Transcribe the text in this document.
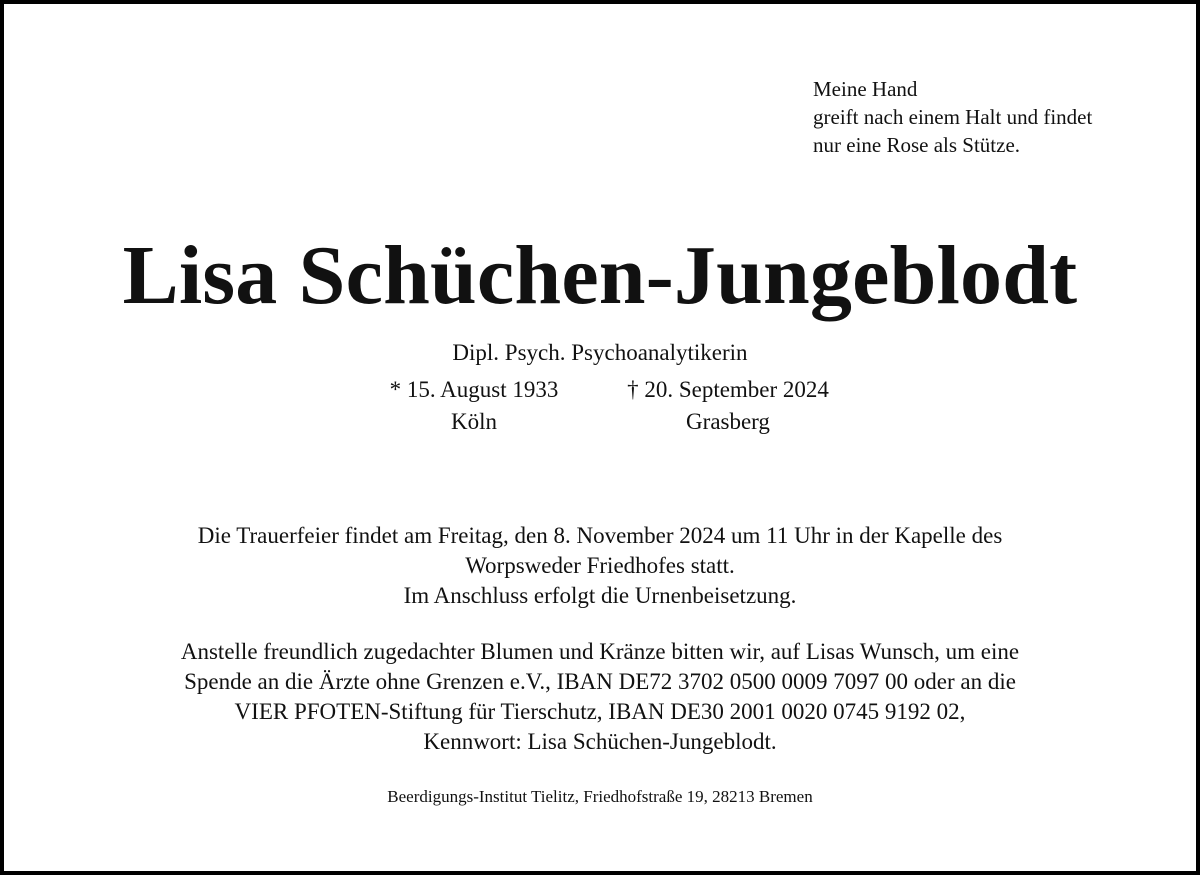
Meine Hand
greift nach einem Halt und findet
nur eine Rose als Stütze.
Lisa Schüchen-Jungeblodt
Dipl. Psych. Psychoanalytikerin
* 15. August 1933
Köln
† 20. September 2024
Grasberg
Die Trauerfeier findet am Freitag, den 8. November 2024 um 11 Uhr in der Kapelle des
Worpsweder Friedhofes statt.
Im Anschluss erfolgt die Urnenbeisetzung.
Anstelle freundlich zugedachter Blumen und Kränze bitten wir, auf Lisas Wunsch, um eine
Spende an die Ärzte ohne Grenzen e.V., IBAN DE72 3702 0500 0009 7097 00 oder an die
VIER PFOTEN-Stiftung für Tierschutz, IBAN DE30 2001 0020 0745 9192 02,
Kennwort: Lisa Schüchen-Jungeblodt.
Beerdigungs-Institut Tielitz, Friedhofstraße 19, 28213 Bremen
